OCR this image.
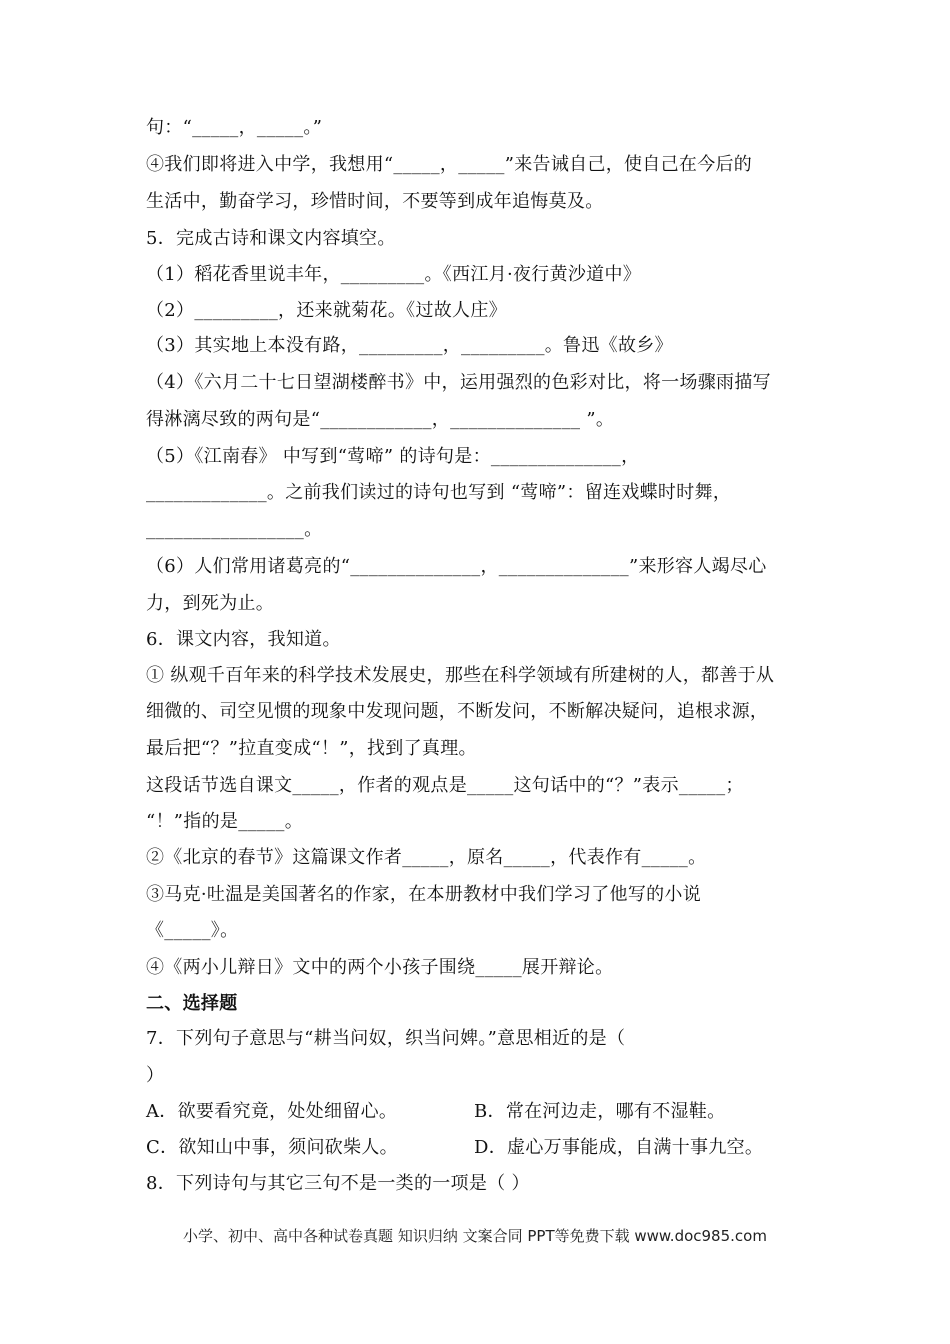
句：“_____，_____。”
④我们即将进入中学，我想用“_____，_____”来告诫自己，使自己在今后的
生活中，勤奋学习，珍惜时间，不要等到成年追悔莫及。
5．完成古诗和课文内容填空。
（1）稻花香里说丰年，_________。《西江月·夜行黄沙道中》
（2）_________，还来就菊花。《过故人庄》
（3）其实地上本没有路，_________，_________。鲁迅《故乡》
（4）《六月二十七日望湖楼醉书》中，运用强烈的色彩对比，将一场骤雨描写
得淋漓尽致的两句是“____________，______________ ”。
（5）《江南春》 中写到“莺啼” 的诗句是：______________，
_____________。之前我们读过的诗句也写到 “莺啼”：留连戏蝶时时舞，
_________________。
（6）人们常用诸葛亮的“______________，______________”来形容人竭尽心
力，到死为止。
6．课文内容，我知道。
① 纵观千百年来的科学技术发展史，那些在科学领域有所建树的人，都善于从
细微的、司空见惯的现象中发现问题，不断发问，不断解决疑问，追根求源，
最后把“？”拉直变成“！”，找到了真理。
这段话节选自课文_____，作者的观点是_____这句话中的“？”表示_____；
“！”指的是_____。
②《北京的春节》这篇课文作者_____，原名_____，代表作有_____。
③马克·吐温是美国著名的作家，在本册教材中我们学习了他写的小说
《_____》。
④《两小儿辩日》文中的两个小孩子围绕_____展开辩论。
二、选择题
7．下列句子意思与“耕当问奴，织当问婢。”意思相近的是（
）
A．欲要看究竟，处处细留心。	B．常在河边走，哪有不湿鞋。
C．欲知山中事，须问砍柴人。	D．虚心万事能成，自满十事九空。
8．下列诗句与其它三句不是一类的一项是（ ）
小学、初中、高中各种试卷真题 知识归纳 文案合同 PPT等免费下载 www.doc985.com
